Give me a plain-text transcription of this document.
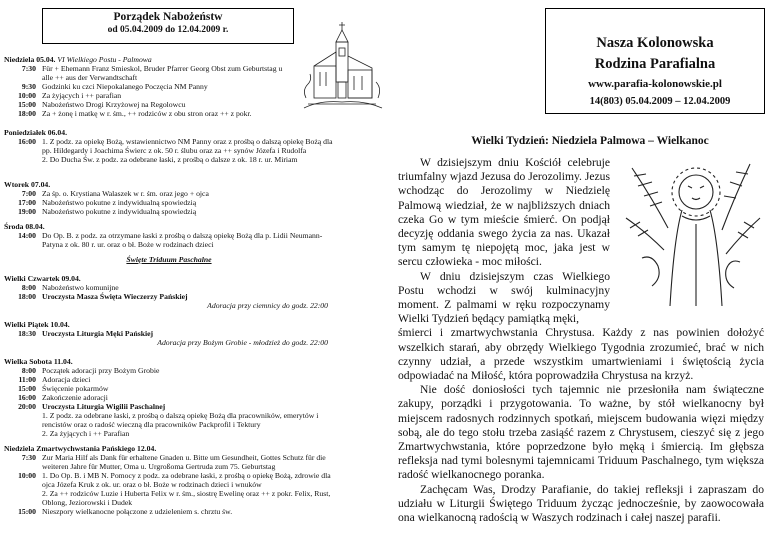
Porządek Nabożeństw
od 05.04.2009 do 12.04.2009 r.
Niedziela 05.04. VI Wielkiego Postu - Palmowa
7:30 Für + Ehemann Franz Smieskol, Bruder Pfarrer Georg Obst zum Geburtstag u alle ++ aus der Verwandtschaft
9:30 Godzinki ku czci Niepokalanego Poczęcia NM Panny
10:00 Za żyjących i ++ parafian
15:00 Nabożeństwo Drogi Krzyżowej na Regolowcu
18:00 Za + żonę i matkę w r. śm., ++ rodziców z obu stron oraz ++ z pokr.
Poniedziałek 06.04.
16:00 1. Z podz. za opiekę Bożą, wstawiennictwo NM Panny oraz z prośbą o dalszą opiekę Bożą dla pp. Hildegardy i Joachima Świerc z ok. 50 r. ślubu oraz za ++ synów Józefa i Rudolfa
2. Do Ducha Św. z podz. za odebrane łaski, z prośbą o dalsze z ok. 18 r. ur. Miriam
Wtorek 07.04.
7:00 Za śp. o. Krystiana Walaszek w r. śm. oraz jego + ojca
17:00 Nabożeństwo pokutne z indywidualną spowiedzią
19:00 Nabożeństwo pokutne z indywidualną spowiedzią
Środa 08.04.
14:00 Do Op. B. z podz. za otrzymane łaski z prośbą o dalszą opiekę Bożą dla p. Lidii Neumann-Patyna z ok. 80 r. ur. oraz o bł. Boże w rodzinach dzieci
Święte Triduum Paschalne
Wielki Czwartek 09.04.
8:00 Nabożeństwo komunijne
18:00 Uroczysta Masza Święta Wieczerzy Pańskiej
Adoracja przy ciemnicy do godz. 22:00
Wielki Piątek 10.04.
18:30 Uroczysta Liturgia Męki Pańskiej
Adoracja przy Bożym Grobie - młodzież do godz. 22:00
Wielka Sobota 11.04.
8:00 Początek adoracji przy Bożym Grobie
11:00 Adoracja dzieci
15:00 Święcenie pokarmów
16:00 Zakończenie adoracji
20:00 Uroczysta Liturgia Wigilii Paschalnej
1. Z podz. za odebrane łaski, z prośbą o dalszą opiekę Bożą dla pracowników, emerytów i rencistów oraz o radość wieczną dla pracowników Packprofil i Tektury
2. Za żyjących i ++ Parafian
Niedziela Zmartwychwstania Pańskiego 12.04.
7:30 Zur Maria Hilf als Dank für erhaltene Gnaden u. Bitte um Gesundheit, Gottes Schutz für die weiteren Jahre für Mutter, Oma u. Urgroßoma Gertruda zum 75. Geburtstag
10:00 1. Do Op. B. i MB N. Pomocy z podz. za odebrane łaski, z prośbą o opiekę Bożą, zdrowie dla ojca Józefa Kruk z ok. ur. oraz o bł. Boże w rodzinach dzieci i wnuków
2. Za ++ rodziców Luzie i Huberta Felix w r. śm., siostrę Ewelinę oraz ++ z pokr. Felix, Rust, Oblong, Jeziorowski i Dudek
15:00 Nieszpory wielkanocne połączone z udzieleniem s. chrztu św.
Nasza Kolonowska
Rodzina Parafialna
www.parafia-kolonowskie.pl
14(803) 05.04.2009 – 12.04.2009
Wielki Tydzień: Niedziela Palmowa – Wielkanoc

W dzisiejszym dniu Kościół celebruje triumfalny wjazd Jezusa do Jerozolimy. Jezus wchodząc do Jerozolimy w Niedzielę Palmową wiedział, że w najbliższych dniach czeka Go w tym mieście śmierć. On podjął decyzję oddania swego życia za nas. Ukazał tym samym tę niepojętą moc, jaka jest w sercu człowieka - moc miłości.

W dniu dzisiejszym czas Wielkiego Postu wchodzi w swój kulminacyjny moment. Z palmami w ręku rozpoczynamy Wielki Tydzień będący pamiątką męki,

śmierci i zmartwychwstania Chrystusa. Każdy z nas powinien dołożyć wszelkich starań, aby obrzędy Wielkiego Tygodnia zrozumieć, brać w nich czynny udział, a przede wszystkim umartwieniami i świętością życia odpowiadać na Miłość, która poprowadziła Chrystusa na krzyż.

Nie dość doniosłości tych tajemnic nie przesłoniła nam świąteczne zakupy, porządki i przygotowania. To ważne, by stół wielkanocny był miejscem radosnych rodzinnych spotkań, miejscem budowania więzi między sobą, ale do tego stołu trzeba zasiąść razem z Chrystusem, cieszyć się z jego Zmartwychwstania, które poprzedzone było męką i śmiercią. Im głębsza refleksja nad tymi bolesnymi tajemnicami Triduum Paschalnego, tym większa radość wielkanocnego poranka.

Zachęcam Was, Drodzy Parafianie, do takiej refleksji i zapraszam do udziału w Liturgii Świętego Triduum życząc jednocześnie, by zaowocowała ona wielkanocną radością w Waszych rodzinach i całej naszej parafii.
